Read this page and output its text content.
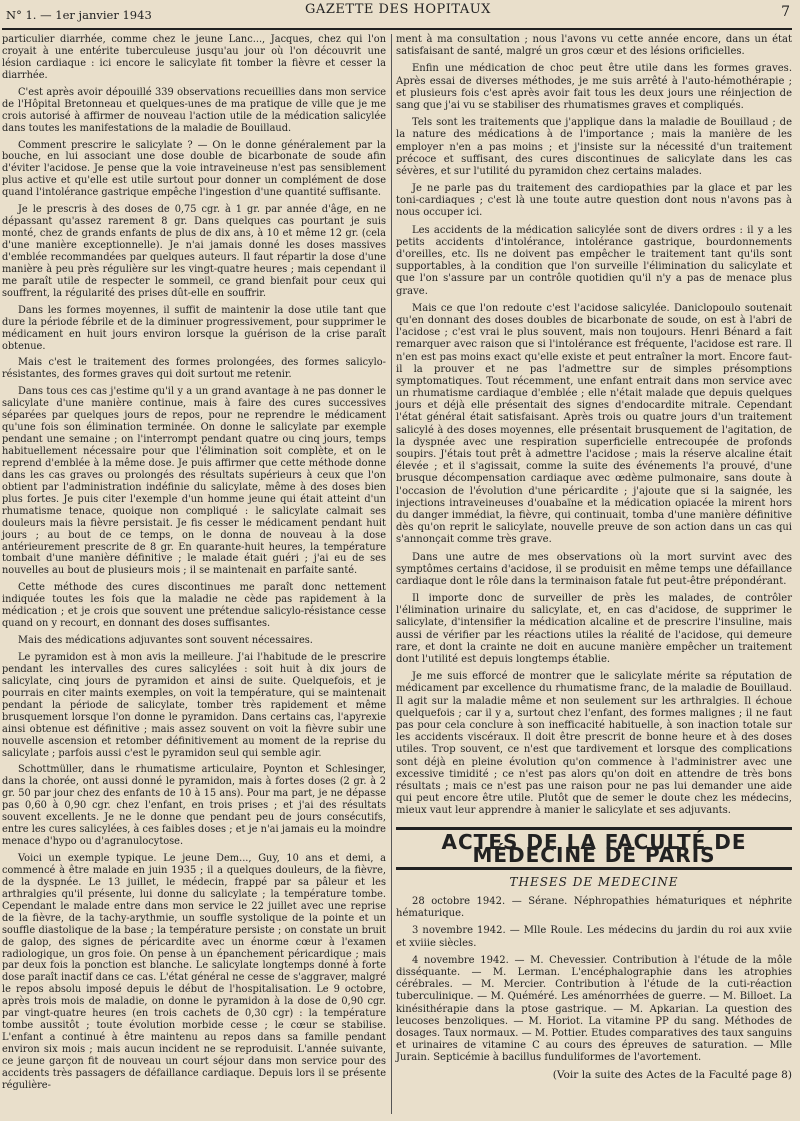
N° 1. — 1er janvier 1943	GAZETTE DES HOPITAUX	7

particulier diarrhée, comme chez le jeune Lanc..., Jacques, chez qui l'on croyait à une entérite tuberculeuse jusqu'au jour où l'on découvrit une lésion cardiaque : ici encore le salicylate fit tomber la fièvre et cesser la diarrhée.

C'est après avoir dépouillé 339 observations recueillies dans mon service de l'Hôpital Bretonneau et quelques-unes de ma pratique de ville que je me crois autorisé à affirmer de nouveau l'action utile de la médication salicylée dans toutes les manifestations de la maladie de Bouillaud.

Comment prescrire le salicylate ? — On le donne généralement par la bouche, en lui associant une dose double de bicarbonate de soude afin d'éviter l'acidose. Je pense que la voie intraveineuse n'est pas sensiblement plus active et qu'elle est utile surtout pour donner un complément de dose quand l'intolérance gastrique empêche l'ingestion d'une quantité suffisante.

Je le prescris à des doses de 0,75 cgr. à 1 gr. par année d'âge, en ne dépassant qu'assez rarement 8 gr. Dans quelques cas pourtant je suis monté, chez de grands enfants de plus de dix ans, à 10 et même 12 gr. (cela d'une manière exceptionnelle). Je n'ai jamais donné les doses massives d'emblée recommandées par quelques auteurs. Il faut répartir la dose d'une manière à peu près régulière sur les vingt-quatre heures ; mais cependant il me paraît utile de respecter le sommeil, ce grand bienfait pour ceux qui souffrent, la régularité des prises dût-elle en souffrir.

Dans les formes moyennes, il suffit de maintenir la dose utile tant que dure la période fébrile et de la diminuer progressivement, pour supprimer le médicament en huit jours environ lorsque la guérison de la crise paraît obtenue.

Mais c'est le traitement des formes prolongées, des formes salicylo-résistantes, des formes graves qui doit surtout me retenir.

Dans tous ces cas j'estime qu'il y a un grand avantage à ne pas donner le salicylate d'une manière continue, mais à faire des cures successives séparées par quelques jours de repos, pour ne reprendre le médicament qu'une fois son élimination terminée. On donne le salicylate par exemple pendant une semaine ; on l'interrompt pendant quatre ou cinq jours, temps habituellement nécessaire pour que l'élimination soit complète, et on le reprend d'emblée à la même dose. Je puis affirmer que cette méthode donne dans les cas graves ou prolongés des résultats supérieurs à ceux que l'on obtient par l'administration indéfinie du salicylate, même à des doses bien plus fortes. Je puis citer l'exemple d'un homme jeune qui était atteint d'un rhumatisme tenace, quoique non compliqué : le salicylate calmait ses douleurs mais la fièvre persistait. Je fis cesser le médicament pendant huit jours ; au bout de ce temps, on le donna de nouveau à la dose antérieurement prescrite de 8 gr. En quarante-huit heures, la température tombait d'une manière définitive ; le malade était guéri ; j'ai eu de ses nouvelles au bout de plusieurs mois ; il se maintenait en parfaite santé.

Cette méthode des cures discontinues me paraît donc nettement indiquée toutes les fois que la maladie ne cède pas rapidement à la médication ; et je crois que souvent une prétendue salicylo-résistance cesse quand on y recourt, en donnant des doses suffisantes.

Mais des médications adjuvantes sont souvent nécessaires.

Le pyramidon est à mon avis la meilleure. J'ai l'habitude de le prescrire pendant les intervalles des cures salicylées : soit huit à dix jours de salicylate, cinq jours de pyramidon et ainsi de suite. Quelquefois, et je pourrais en citer maints exemples, on voit la température, qui se maintenait pendant la période de salicylate, tomber très rapidement et même brusquement lorsque l'on donne le pyramidon. Dans certains cas, l'apyrexie ainsi obtenue est définitive ; mais assez souvent on voit la fièvre subir une nouvelle ascension et retomber définitivement au moment de la reprise du salicylate ; parfois aussi c'est le pyramidon seul qui semble agir.

Schottmüller, dans le rhumatisme articulaire, Poynton et Schlesinger, dans la chorée, ont aussi donné le pyramidon, mais à fortes doses (2 gr. à 2 gr. 50 par jour chez des enfants de 10 à 15 ans). Pour ma part, je ne dépasse pas 0,60 à 0,90 cgr. chez l'enfant, en trois prises ; et j'ai des résultats souvent excellents. Je ne le donne que pendant peu de jours consécutifs, entre les cures salicylées, à ces faibles doses ; et je n'ai jamais eu la moindre menace d'hypo ou d'agranulocytose.

Voici un exemple typique. Le jeune Dem..., Guy, 10 ans et demi, a commencé à être malade en juin 1935 ; il a quelques douleurs, de la fièvre, de la dyspnée. Le 13 juillet, le médecin, frappé par sa pâleur et les arthralgies qu'il présente, lui donne du salicylate ; la température tombe. Cependant le malade entre dans mon service le 22 juillet avec une reprise de la fièvre, de la tachy-arythmie, un souffle systolique de la pointe et un souffle diastolique de la base ; la température persiste ; on constate un bruit de galop, des signes de péricardite avec un énorme cœur à l'examen radiologique, un gros foie. On pense à un épanchement péricardique ; mais par deux fois la ponction est blanche. Le salicylate longtemps donné à forte dose paraît inactif dans ce cas. L'état général ne cesse de s'aggraver, malgré le repos absolu imposé depuis le début de l'hospitalisation. Le 9 octobre, après trois mois de maladie, on donne le pyramidon à la dose de 0,90 cgr. par vingt-quatre heures (en trois cachets de 0,30 cgr) : la température tombe aussitôt ; toute évolution morbide cesse ; le cœur se stabilise. L'enfant a continué à être maintenu au repos dans sa famille pendant environ six mois ; mais aucun incident ne se reproduisit. L'année suivante, ce jeune garçon fit de nouveau un court séjour dans mon service pour des accidents très passagers de défaillance cardiaque. Depuis lors il se présente régulière-

ment à ma consultation ; nous l'avons vu cette année encore, dans un état satisfaisant de santé, malgré un gros cœur et des lésions orificielles.

Enfin une médication de choc peut être utile dans les formes graves. Après essai de diverses méthodes, je me suis arrêté à l'auto-hémothérapie ; et plusieurs fois c'est après avoir fait tous les deux jours une réinjection de sang que j'ai vu se stabiliser des rhumatismes graves et compliqués.

Tels sont les traitements que j'applique dans la maladie de Bouillaud ; de la nature des médications à de l'importance ; mais la manière de les employer n'en a pas moins ; et j'insiste sur la nécessité d'un traitement précoce et suffisant, des cures discontinues de salicylate dans les cas sévères, et sur l'utilité du pyramidon chez certains malades.

Je ne parle pas du traitement des cardiopathies par la glace et par les toni-cardiaques ; c'est là une toute autre question dont nous n'avons pas à nous occuper ici.

Les accidents de la médication salicylée sont de divers ordres : il y a les petits accidents d'intolérance, intolérance gastrique, bourdonnements d'oreilles, etc. Ils ne doivent pas empêcher le traitement tant qu'ils sont supportables, à la condition que l'on surveille l'élimination du salicylate et que l'on s'assure par un contrôle quotidien qu'il n'y a pas de menace plus grave.

Mais ce que l'on redoute c'est l'acidose salicylée. Daniclopoulo soutenait qu'en donnant des doses doubles de bicarbonate de soude, on est à l'abri de l'acidose ; c'est vrai le plus souvent, mais non toujours. Henri Bénard a fait remarquer avec raison que si l'intolérance est fréquente, l'acidose est rare. Il n'en est pas moins exact qu'elle existe et peut entraîner la mort. Encore faut-il la prouver et ne pas l'admettre sur de simples présomptions symptomatiques. Tout récemment, une enfant entrait dans mon service avec un rhumatisme cardiaque d'emblée ; elle n'était malade que depuis quelques jours et déjà elle présentait des signes d'endocardite mitrale. Cependant l'état général était satisfaisant. Après trois ou quatre jours d'un traitement salicylé à des doses moyennes, elle présentait brusquement de l'agitation, de la dyspnée avec une respiration superficielle entrecoupée de profonds soupirs. J'étais tout prêt à admettre l'acidose ; mais la réserve alcaline était élevée ; et il s'agissait, comme la suite des événements l'a prouvé, d'une brusque décompensation cardiaque avec œdème pulmonaire, sans doute à l'occasion de l'évolution d'une péricardite ; j'ajoute que si la saignée, les injections intraveineuses d'ouabaïne et la médication opiacée la mirent hors du danger immédiat, la fièvre, qui continuait, tomba d'une manière définitive dès qu'on reprit le salicylate, nouvelle preuve de son action dans un cas qui s'annonçait comme très grave.

Dans une autre de mes observations où la mort survint avec des symptômes certains d'acidose, il se produisit en même temps une défaillance cardiaque dont le rôle dans la terminaison fatale fut peut-être prépondérant.

Il importe donc de surveiller de près les malades, de contrôler l'élimination urinaire du salicylate, et, en cas d'acidose, de supprimer le salicylate, d'intensifier la médication alcaline et de prescrire l'insuline, mais aussi de vérifier par les réactions utiles la réalité de l'acidose, qui demeure rare, et dont la crainte ne doit en aucune manière empêcher un traitement dont l'utilité est depuis longtemps établie.

Je me suis efforcé de montrer que le salicylate mérite sa réputation de médicament par excellence du rhumatisme franc, de la maladie de Bouillaud. Il agit sur la maladie même et non seulement sur les arthralgies. Il échoue quelquefois ; car il y a, surtout chez l'enfant, des formes malignes ; il ne faut pas pour cela conclure à son inefficacité habituelle, à son inaction totale sur les accidents viscéraux. Il doit être prescrit de bonne heure et à des doses utiles. Trop souvent, ce n'est que tardivement et lorsque des complications sont déjà en pleine évolution qu'on commence à l'administrer avec une excessive timidité ; ce n'est pas alors qu'on doit en attendre de très bons résultats ; mais ce n'est pas une raison pour ne pas lui demander une aide qui peut encore être utile. Plutôt que de semer le doute chez les médecins, mieux vaut leur apprendre à manier le salicylate et ses adjuvants.

ACTES DE LA FACULTÉ DE MÉDECINE DE PARIS
THESES DE MEDECINE

28 octobre 1942. — Sérane. Néphropathies hématuriques et néphrite hématurique.

3 novembre 1942. — Mlle Roule. Les médecins du jardin du roi aux xviie et xviiie siècles.

4 novembre 1942. — M. Chevessier. Contribution à l'étude de la môle disséquante. — M. Lerman. L'encéphalographie dans les atrophies cérébrales. — M. Mercier. Contribution à l'étude de la cuti-réaction tuberculinique. — M. Quéméré. Les aménorrhées de guerre. — M. Billoet. La kinésithérapie dans la ptose gastrique. — M. Apkarian. La question des leucoses benzoliques. — M. Horiot. La vitamine PP du sang. Méthodes de dosages. Taux normaux. — M. Pottier. Etudes comparatives des taux sanguins et urinaires de vitamine C au cours des épreuves de saturation. — Mlle Jurain. Septicémie à bacillus funduliformes de l'avortement.

(Voir la suite des Actes de la Faculté page 8)
